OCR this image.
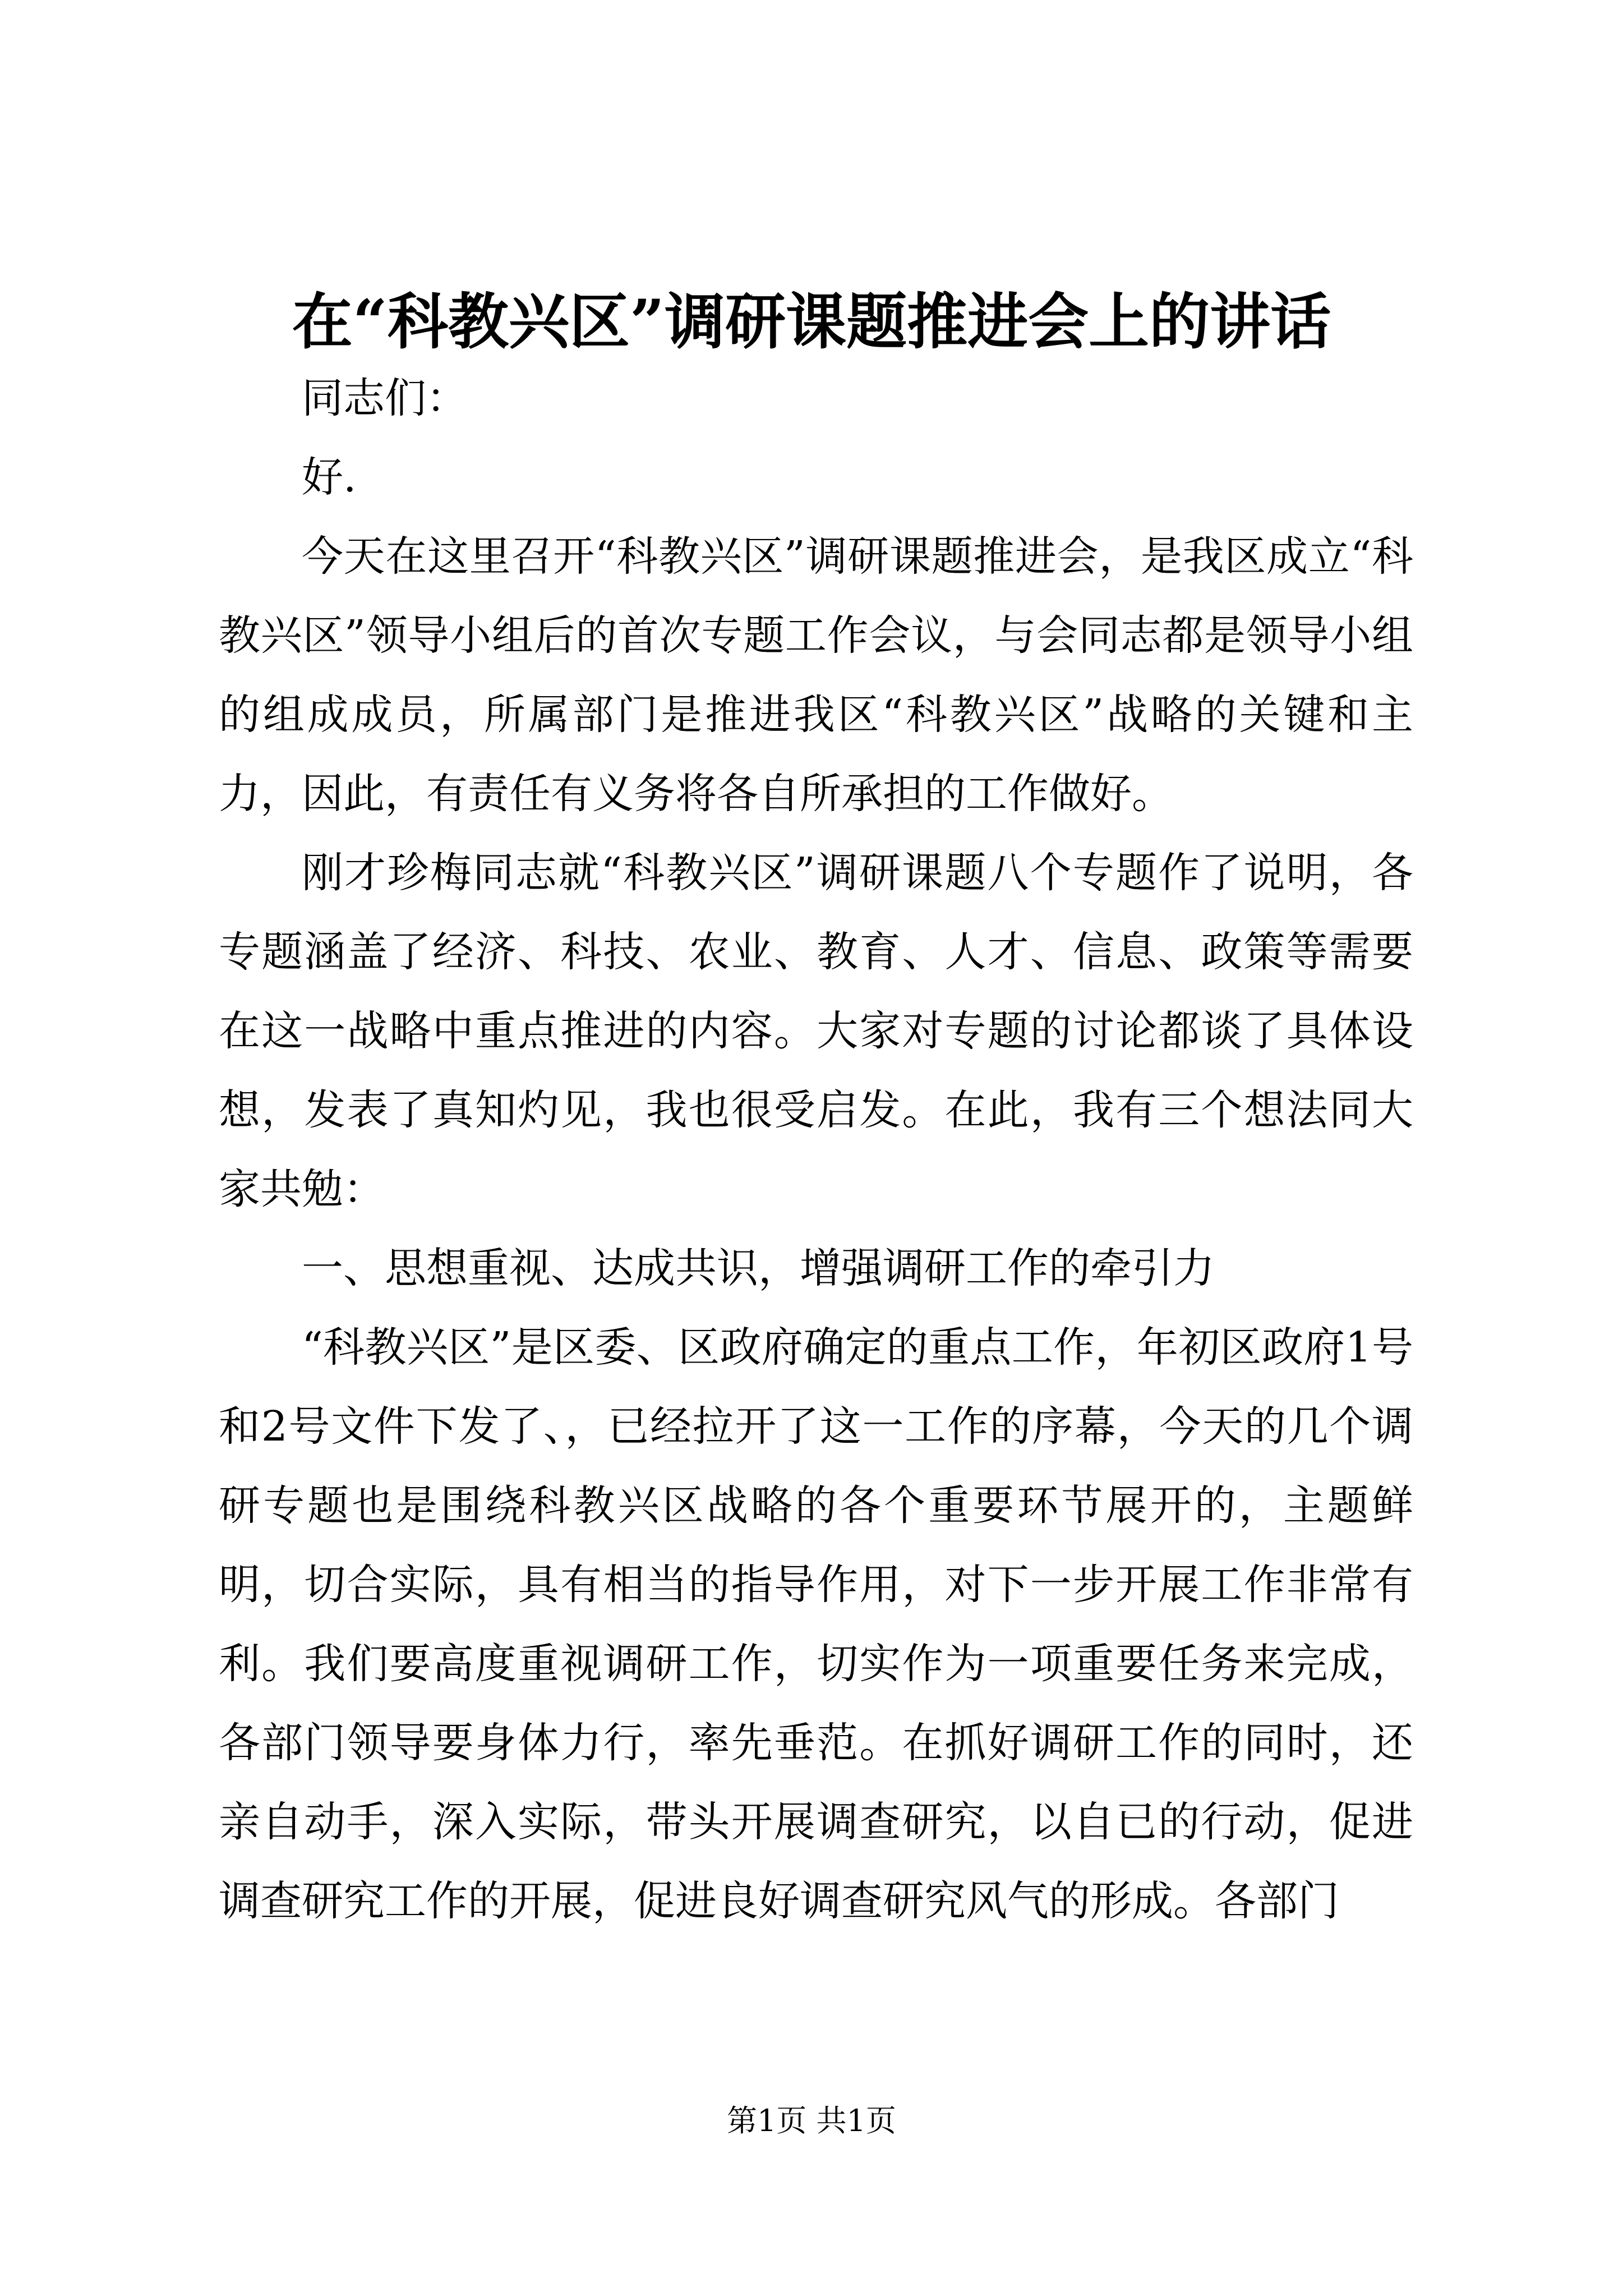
在“科教兴区”调研课题推进会上的讲话

同志们：

好.

今天在这里召开“科教兴区”调研课题推进会，是我区成立“科教兴区”领导小组后的首次专题工作会议，与会同志都是领导小组的组成成员，所属部门是推进我区“科教兴区”战略的关键和主力，因此，有责任有义务将各自所承担的工作做好。

刚才珍梅同志就“科教兴区”调研课题八个专题作了说明，各专题涵盖了经济、科技、农业、教育、人才、信息、政策等需要在这一战略中重点推进的内容。大家对专题的讨论都谈了具体设想，发表了真知灼见，我也很受启发。在此，我有三个想法同大家共勉：

一、思想重视、达成共识，增强调研工作的牵引力

“科教兴区”是区委、区政府确定的重点工作，年初区政府1号和2号文件下发了、，已经拉开了这一工作的序幕，今天的几个调研专题也是围绕科教兴区战略的各个重要环节展开的，主题鲜明，切合实际，具有相当的指导作用，对下一步开展工作非常有利。我们要高度重视调研工作，切实作为一项重要任务来完成，各部门领导要身体力行，率先垂范。在抓好调研工作的同时，还亲自动手，深入实际，带头开展调查研究，以自已的行动，促进调查研究工作的开展，促进良好调查研究风气的形成。各部门

第1页 共1页
